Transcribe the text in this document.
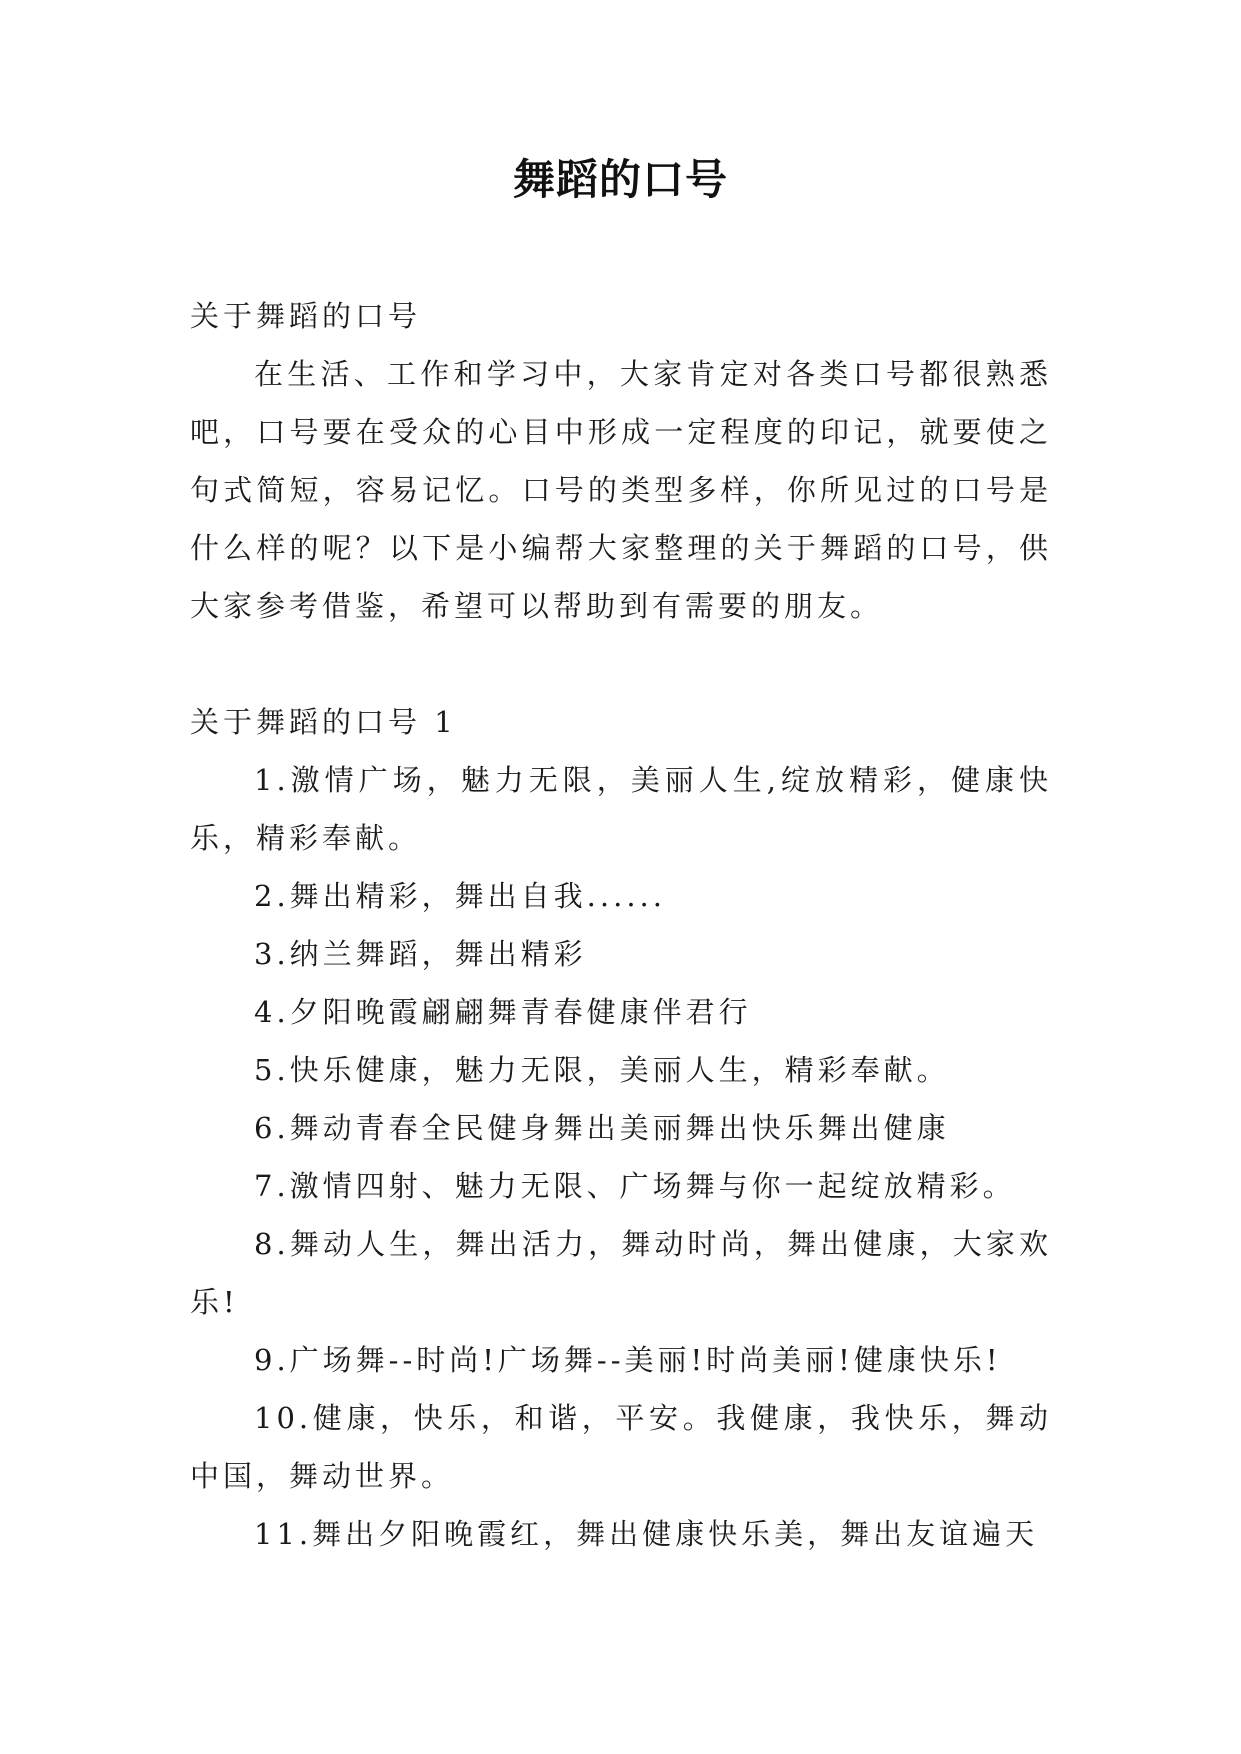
舞蹈的口号

关于舞蹈的口号

在生活、工作和学习中，大家肯定对各类口号都很熟悉吧，口号要在受众的心目中形成一定程度的印记，就要使之句式简短，容易记忆。口号的类型多样，你所见过的口号是什么样的呢？以下是小编帮大家整理的关于舞蹈的口号，供大家参考借鉴，希望可以帮助到有需要的朋友。

关于舞蹈的口号 1

1.激情广场，魅力无限，美丽人生,绽放精彩，健康快乐，精彩奉献。

2.舞出精彩，舞出自我......

3.纳兰舞蹈，舞出精彩

4.夕阳晚霞翩翩舞青春健康伴君行

5.快乐健康，魅力无限，美丽人生，精彩奉献。

6.舞动青春全民健身舞出美丽舞出快乐舞出健康

7.激情四射、魅力无限、广场舞与你一起绽放精彩。

8.舞动人生，舞出活力，舞动时尚，舞出健康，大家欢乐!

9.广场舞--时尚!广场舞--美丽!时尚美丽!健康快乐!

10.健康，快乐，和谐，平安。我健康，我快乐，舞动中国，舞动世界。

11.舞出夕阳晚霞红，舞出健康快乐美，舞出友谊遍天
